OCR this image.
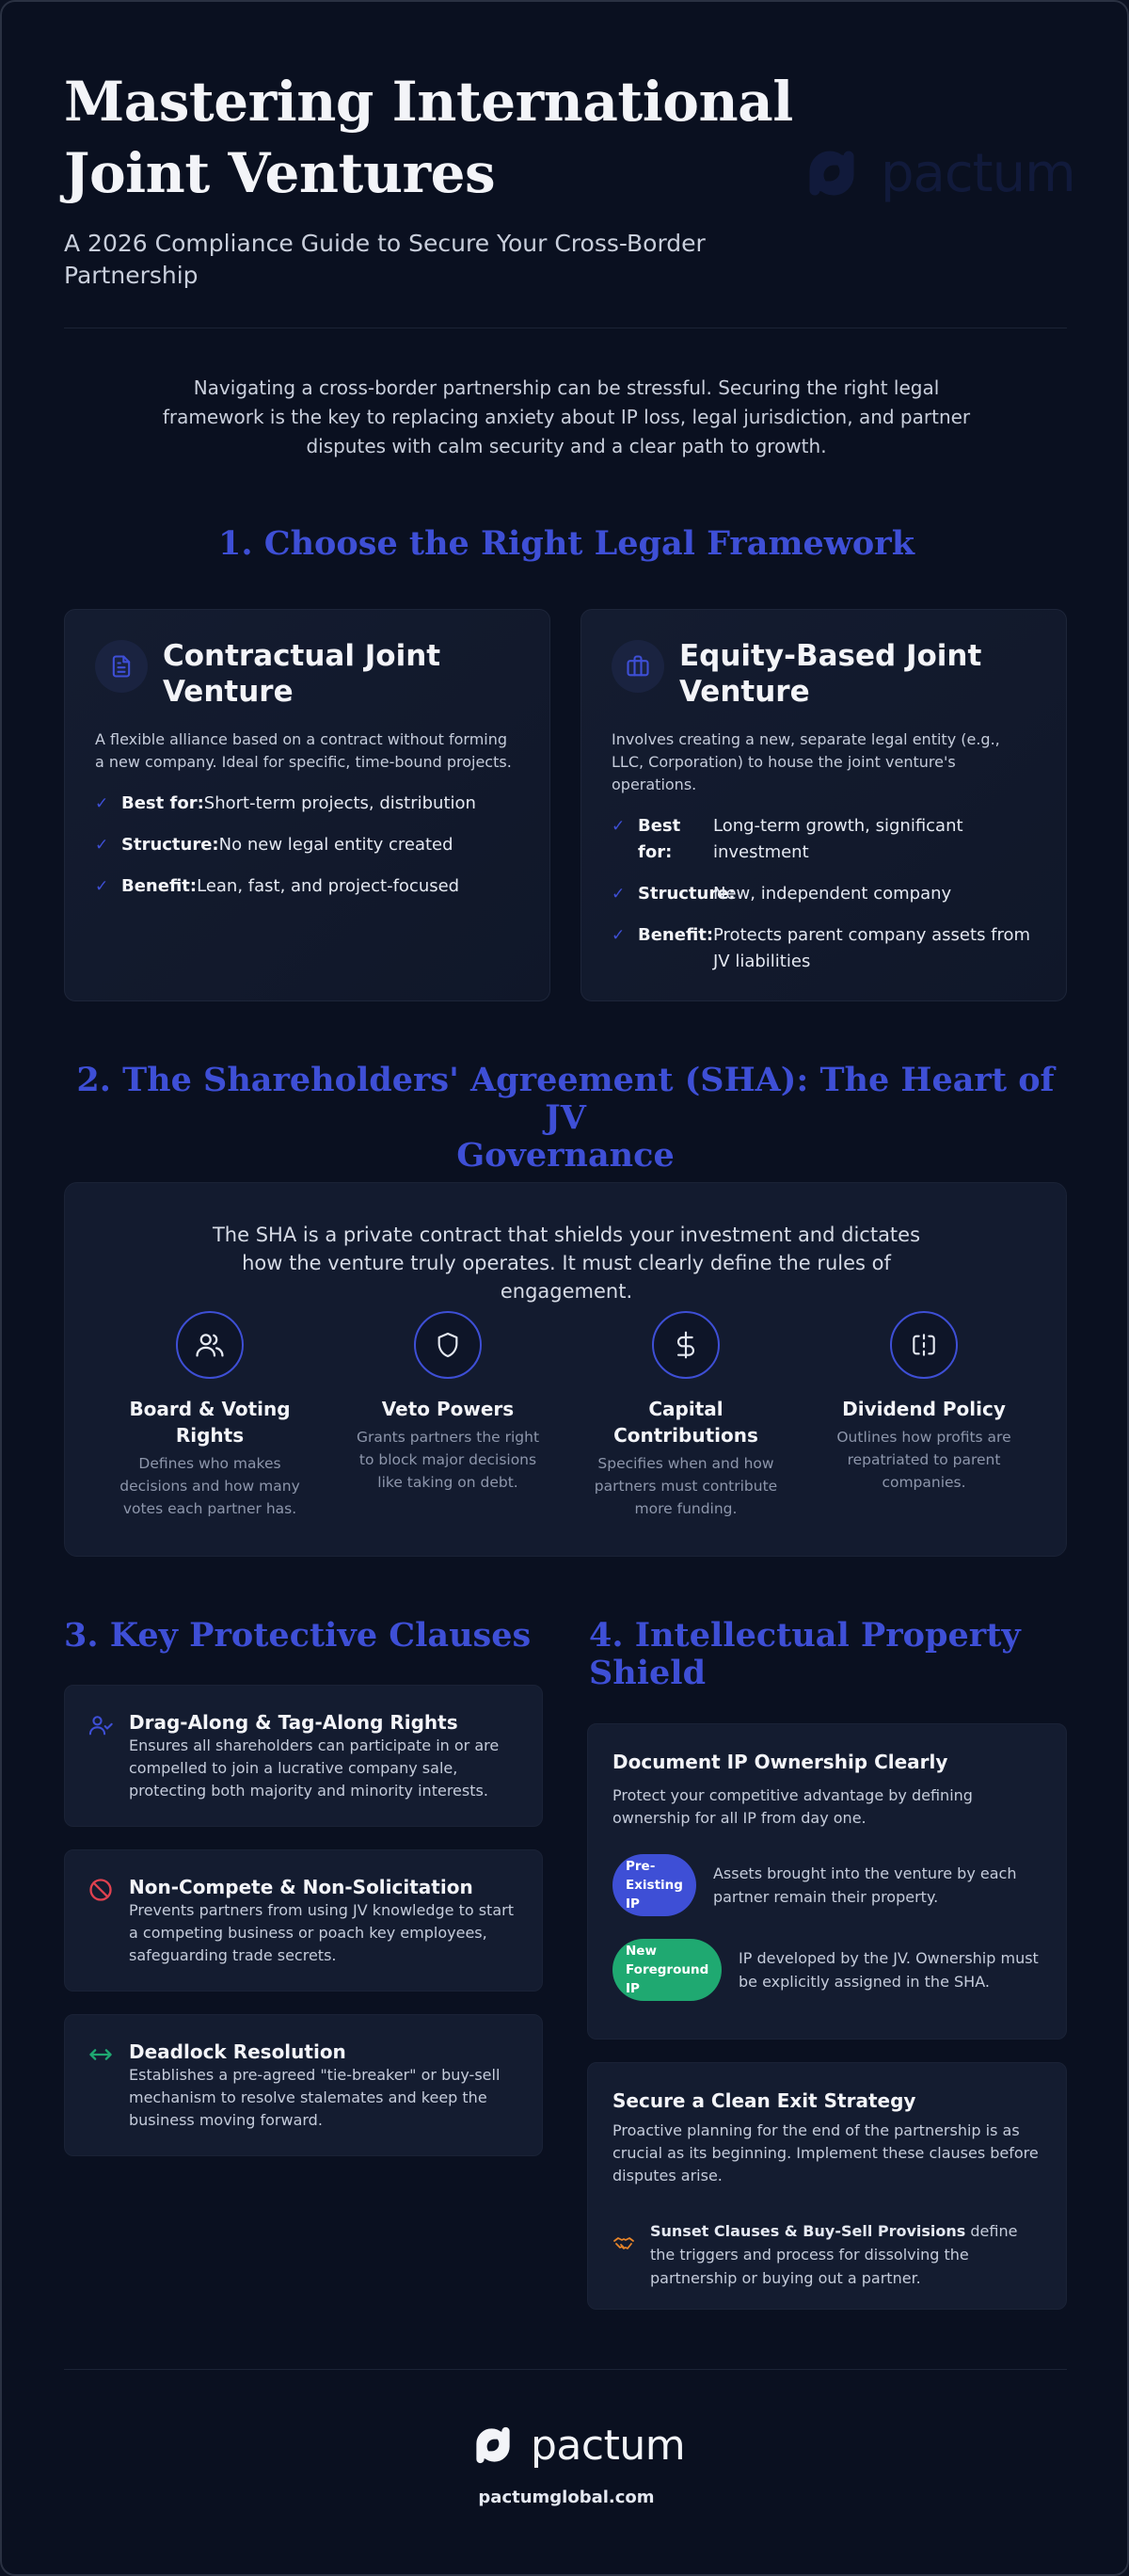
Mastering International
Joint Ventures
A 2026 Compliance Guide to Secure Your Cross-Border Partnership
pactum
Navigating a cross-border partnership can be stressful. Securing the right legal framework is the key to replacing anxiety about IP loss, legal jurisdiction, and partner disputes with calm security and a clear path to growth.
1. Choose the Right Legal Framework
Contractual Joint Venture
A flexible alliance based on a contract without forming a new company. Ideal for specific, time-bound projects.
✓ Best for:Short-term projects, distribution
✓ Structure:No new legal entity created
✓ Benefit:Lean, fast, and project-focused
Equity-Based Joint Venture
Involves creating a new, separate legal entity (e.g., LLC, Corporation) to house the joint venture's operations.
✓ Best for:
Long-term growth, significant investment
✓ Structure:
New, independent company
✓ Benefit: Protects parent company assets from JV liabilities
2. The Shareholders' Agreement (SHA): The Heart of JV
Governance
The SHA is a private contract that shields your investment and dictates how the venture truly operates. It must clearly define the rules of engagement.
Board & Voting Rights
Defines who makes decisions and how many votes each partner has.
Veto Powers
Grants partners the right to block major decisions like taking on debt.
Capital Contributions
Specifies when and how partners must contribute more funding.
Dividend Policy
Outlines how profits are repatriated to parent companies.
3. Key Protective Clauses
Drag-Along & Tag-Along Rights
Ensures all shareholders can participate in or are compelled to join a lucrative company sale, protecting both majority and minority interests.
Non-Compete & Non-Solicitation
Prevents partners from using JV knowledge to start a competing business or poach key employees, safeguarding trade secrets.
Deadlock Resolution
Establishes a pre-agreed "tie-breaker" or buy-sell mechanism to resolve stalemates and keep the business moving forward.
4. Intellectual Property
Shield
Document IP Ownership Clearly
Protect your competitive advantage by defining ownership for all IP from day one.
Pre-Existing IP
Assets brought into the venture by each partner remain their property.
New Foreground IP
IP developed by the JV. Ownership must be explicitly assigned in the SHA.
Secure a Clean Exit Strategy
Proactive planning for the end of the partnership is as crucial as its beginning. Implement these clauses before disputes arise.
Sunset Clauses & Buy-Sell Provisions define the triggers and process for dissolving the partnership or buying out a partner.
pactum
pactumglobal.com
